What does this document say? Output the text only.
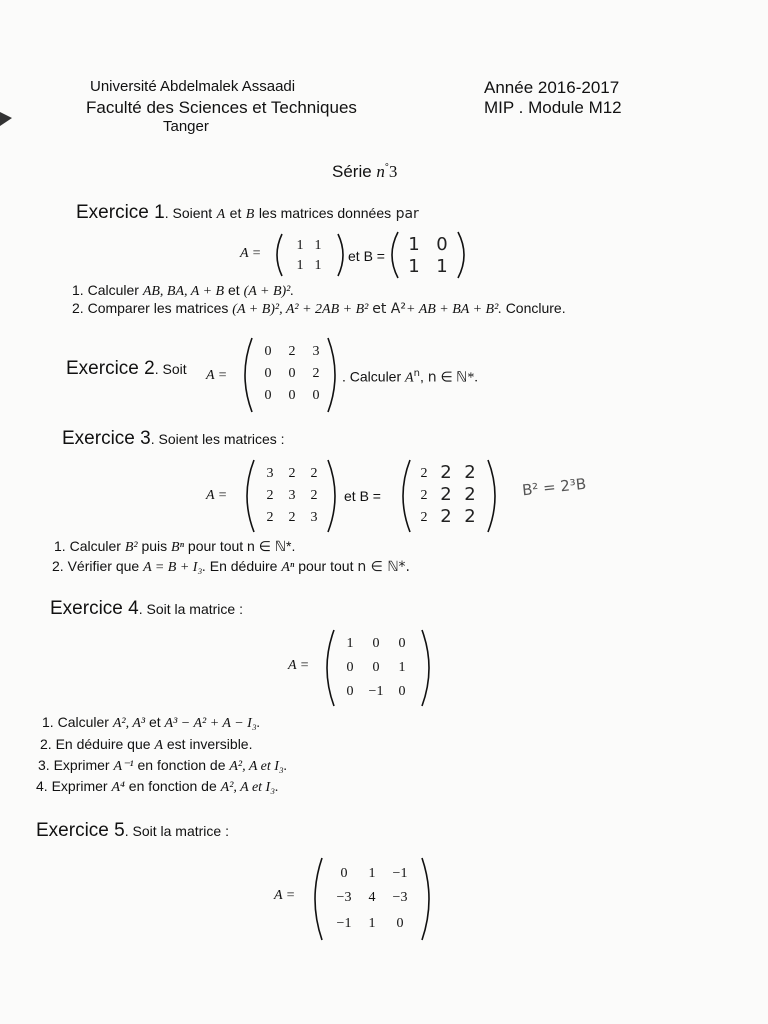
Université Abdelmalek Assaadi
Faculté des Sciences et Techniques
Tanger
Année 2016-2017
MIP . Module M12
Série n°3
Exercice 1. Soient A et B les matrices données par
A =
1 1
1 1
et B =
1 0
1 1
1. Calculer AB, BA, A + B et (A + B)².
2. Comparer les matrices (A + B)², A² + 2AB + B² et A²+ AB + BA + B². Conclure.
Exercice 2. Soit A =
0	2	3
0	0	2
0	0	0
. Calculer $A^n$, n ∈ ℕ*.
Exercice 3. Soient les matrices :
A =
3	2	2
2	3	2
2	2	3
et B =
2 2 2
2 2 2
2 2 2
B² = 2³B
1. Calculer B² puis Bⁿ pour tout n ∈ ℕ*.
2. Vérifier que A = B + I₃. En déduire Aⁿ pour tout n ∈ ℕ*.
Exercice 4. Soit la matrice :
A =
1	0	0
0	0	1
0	−1	0
1. Calculer A², A³ et A³ − A² + A − I₃.
2. En déduire que A est inversible.
3. Exprimer A⁻¹ en fonction de A², A et I₃.
4. Exprimer A⁴ en fonction de A², A et I₃.
Exercice 5. Soit la matrice :
A =
0	1	−1
−3	4	−3
−1	1	0
